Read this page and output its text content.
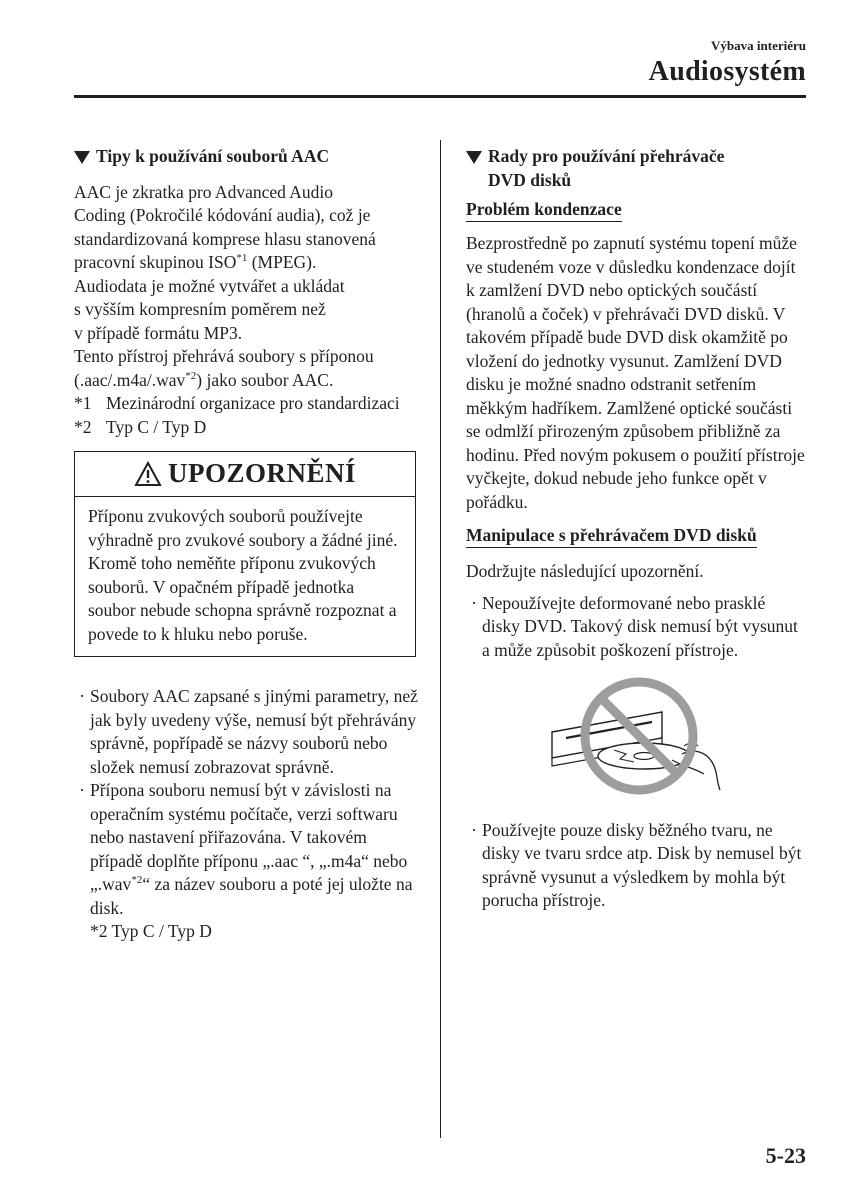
Výbava interiéru
Audiosystém
Tipy k používání souborů AAC

AAC je zkratka pro Advanced Audio
Coding (Pokročilé kódování audia), což je
standardizovaná komprese hlasu stanovená
pracovní skupinou ISO$^{*1}$ (MPEG).

Audiodata je možné vytvářet a ukládat
s vyšším kompresním poměrem než
v případě formátu MP3.

Tento přístroj přehrává soubory s příponou
(.aac/.m4a/.wav$^{*2}$) jako soubor AAC.

*1 Mezinárodní organizace pro standardizaci
*2 Typ C / Typ D
UPOZORNĚNÍ
Příponu zvukových souborů používejte výhradně pro zvukové soubory a žádné jiné. Kromě toho neměňte příponu zvukových souborů. V opačném případě jednotka soubor nebude schopna správně rozpoznat a povede to k hluku nebo poruše.
· Soubory AAC zapsané s jinými parametry, než jak byly uvedeny výše, nemusí být přehrávány správně, popřípadě se názvy souborů nebo složek nemusí zobrazovat správně.
· Přípona souboru nemusí být v závislosti na operačním systému počítače, verzi softwaru nebo nastavení přiřazována. V takovém případě doplňte příponu „.aac “, „.m4a“ nebo „.wav$^{*2}$“ za název souboru a poté jej uložte na disk.
*2 Typ C / Typ D
Rady pro používání přehrávače
DVD disků
Problém kondenzace

Bezprostředně po zapnutí systému topení může ve studeném voze v důsledku kondenzace dojít k zamlžení DVD nebo optických součástí (hranolů a čoček) v přehrávači DVD disků. V takovém případě bude DVD disk okamžitě po vložení do jednotky vysunut. Zamlžení DVD disku je možné snadno odstranit setřením měkkým hadříkem. Zamlžené optické součásti se odmlží přirozeným způsobem přibližně za hodinu. Před novým pokusem o použití přístroje vyčkejte, dokud nebude jeho funkce opět v pořádku.

Manipulace s přehrávačem DVD disků

Dodržujte následující upozornění.

· Nepoužívejte deformované nebo prasklé disky DVD. Takový disk nemusí být vysunut a může způsobit poškození přístroje.
· Používejte pouze disky běžného tvaru, ne disky ve tvaru srdce atp. Disk by nemusel být správně vysunut a výsledkem by mohla být porucha přístroje.
5-23
